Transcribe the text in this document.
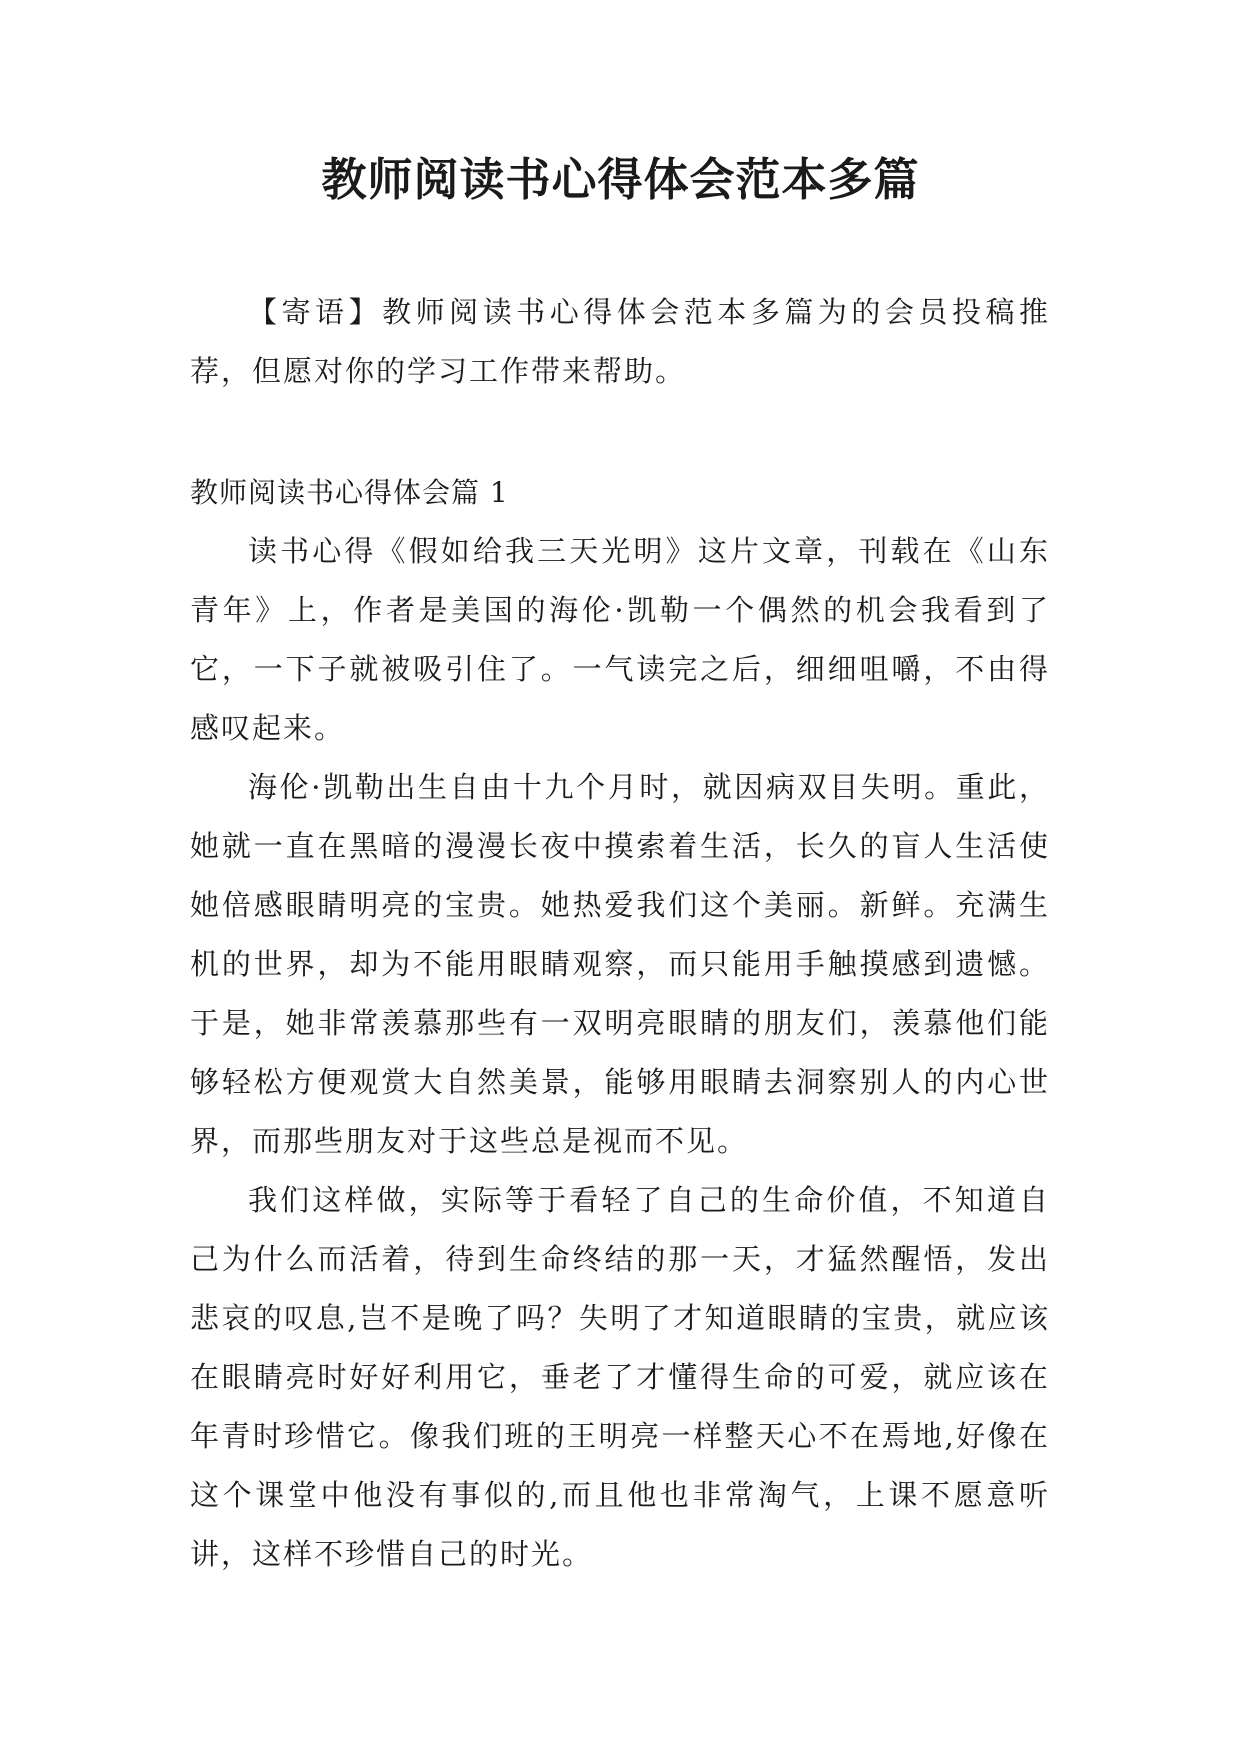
教师阅读书心得体会范本多篇

【寄语】教师阅读书心得体会范本多篇为的会员投稿推荐，但愿对你的学习工作带来帮助。

教师阅读书心得体会篇 1

读书心得《假如给我三天光明》这片文章，刊载在《山东青年》上，作者是美国的海伦·凯勒一个偶然的机会我看到了它，一下子就被吸引住了。一气读完之后，细细咀嚼，不由得感叹起来。

海伦·凯勒出生自由十九个月时，就因病双目失明。重此，她就一直在黑暗的漫漫长夜中摸索着生活，长久的盲人生活使她倍感眼睛明亮的宝贵。她热爱我们这个美丽。新鲜。充满生机的世界，却为不能用眼睛观察，而只能用手触摸感到遗憾。于是，她非常羡慕那些有一双明亮眼睛的朋友们，羡慕他们能够轻松方便观赏大自然美景，能够用眼睛去洞察别人的内心世界，而那些朋友对于这些总是视而不见。

我们这样做，实际等于看轻了自己的生命价值，不知道自己为什么而活着，待到生命终结的那一天，才猛然醒悟，发出悲哀的叹息,岂不是晚了吗？失明了才知道眼睛的宝贵，就应该在眼睛亮时好好利用它，垂老了才懂得生命的可爱，就应该在年青时珍惜它。像我们班的王明亮一样整天心不在焉地,好像在这个课堂中他没有事似的,而且他也非常淘气，上课不愿意听讲，这样不珍惜自己的时光。
